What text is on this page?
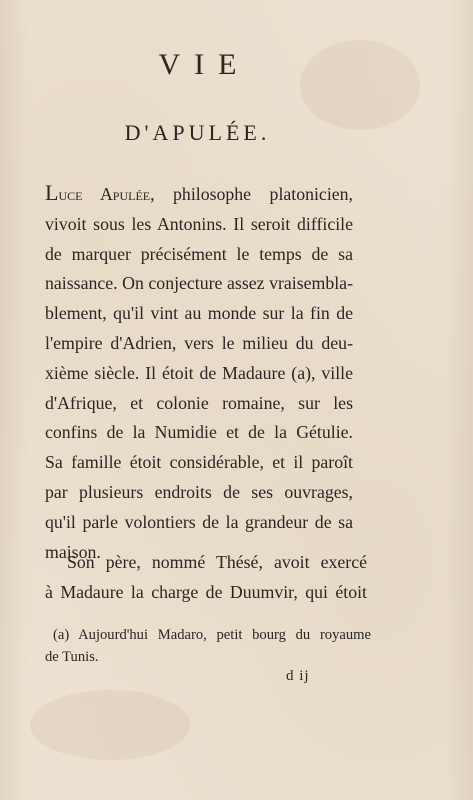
VIE
D'APULÉE.
Luce Apulée, philosophe platonicien,
vivoit sous les Antonins. Il seroit difficile
de marquer précisément le temps de sa
naissance. On conjecture assez vraisembla-
blement, qu'il vint au monde sur la fin de
l'empire d'Adrien, vers le milieu du deu-
xième siècle. Il étoit de Madaure (a), ville
d'Afrique, et colonie romaine, sur les
confins de la Numidie et de la Gétulie.
Sa famille étoit considérable, et il paroît
par plusieurs endroits de ses ouvrages,
qu'il parle volontiers de la grandeur de sa
maison.
Son père, nommé Thésé, avoit exercé
à Madaure la charge de Duumvir, qui étoit
(a) Aujourd'hui Madaro, petit bourg du royaume
de Tunis.
d ij
